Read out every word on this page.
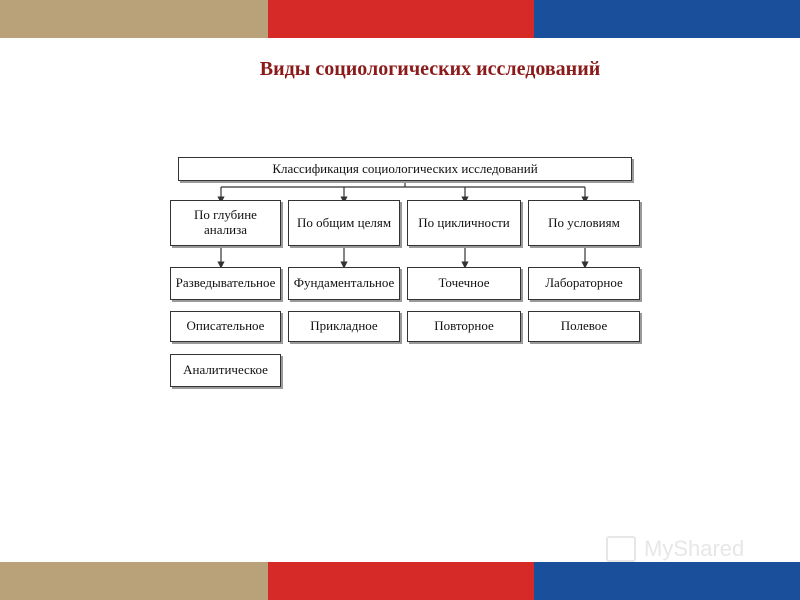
Виды социологических исследований
Классификация социологических исследований
По глубине анализа	По общим целям	По цикличности	По условиям
Разведывательное
Описательное
Аналитическое
Фундаментальное
Прикладное
Точечное
Повторное
Лабораторное
Полевое
MyShared
